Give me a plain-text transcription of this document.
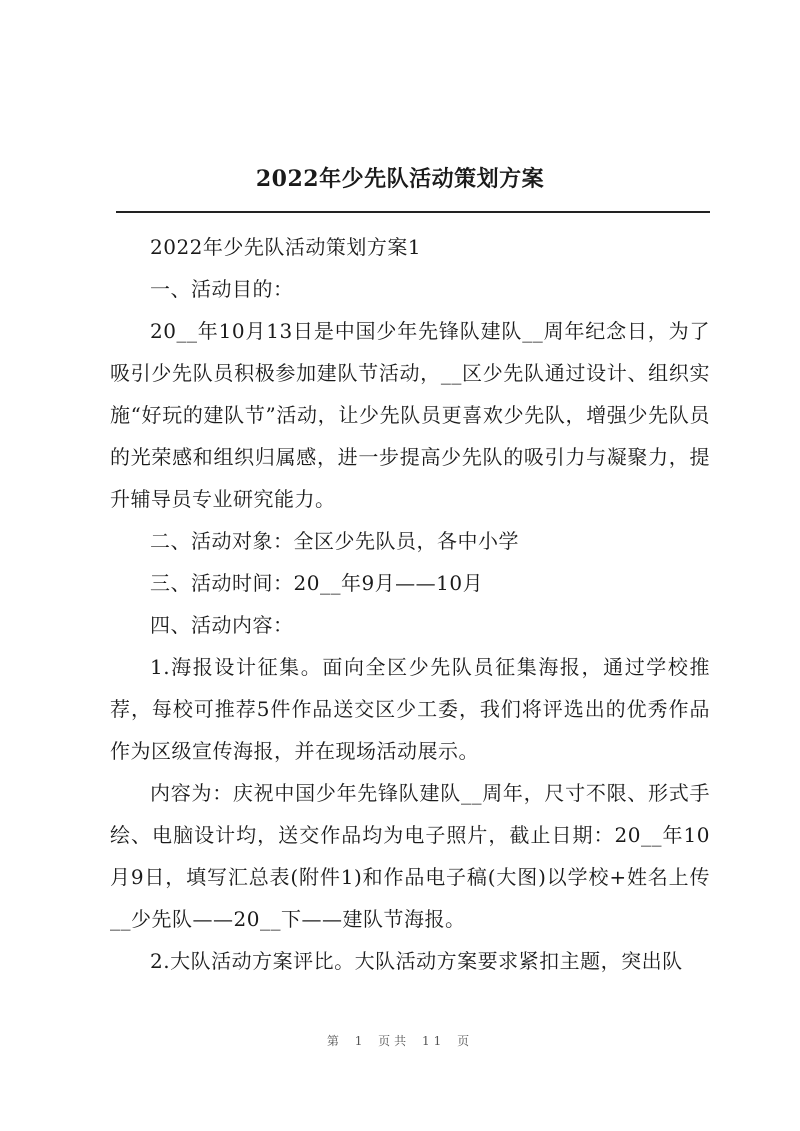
2022年少先队活动策划方案

2022年少先队活动策划方案1

一、活动目的：

20__年10月13日是中国少年先锋队建队__周年纪念日，为了吸引少先队员积极参加建队节活动，__区少先队通过设计、组织实施“好玩的建队节”活动，让少先队员更喜欢少先队，增强少先队员的光荣感和组织归属感，进一步提高少先队的吸引力与凝聚力，提升辅导员专业研究能力。

二、活动对象：全区少先队员，各中小学

三、活动时间：20__年9月——10月

四、活动内容：

1.海报设计征集。面向全区少先队员征集海报，通过学校推荐，每校可推荐5件作品送交区少工委，我们将评选出的优秀作品作为区级宣传海报，并在现场活动展示。

内容为：庆祝中国少年先锋队建队__周年，尺寸不限、形式手绘、电脑设计均，送交作品均为电子照片，截止日期：20__年10月9日，填写汇总表(附件1)和作品电子稿(大图)以学校+姓名上传__少先队——20__下——建队节海报。

2.大队活动方案评比。大队活动方案要求紧扣主题，突出队

第 1 页共 11 页
